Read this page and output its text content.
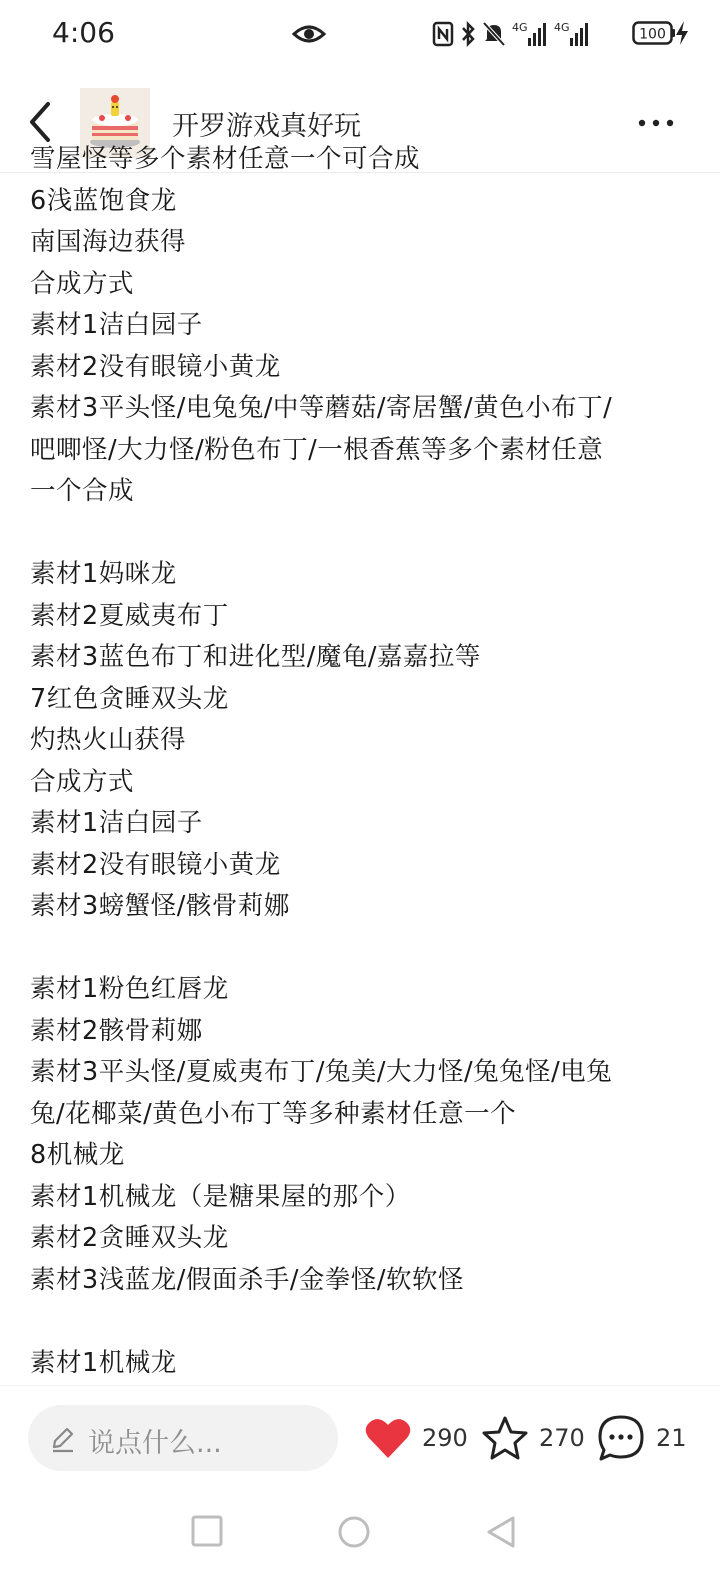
4:06	4G 4G	100
开罗游戏真好玩
雪屋怪等多个素材任意一个可合成
6浅蓝饱食龙
南国海边获得
合成方式
素材1洁白园子
素材2没有眼镜小黄龙
素材3平头怪/电兔兔/中等蘑菇/寄居蟹/黄色小布丁/
吧唧怪/大力怪/粉色布丁/一根香蕉等多个素材任意
一个合成
素材1妈咪龙
素材2夏威夷布丁
素材3蓝色布丁和进化型/魔龟/嘉嘉拉等
7红色贪睡双头龙
灼热火山获得
合成方式
素材1洁白园子
素材2没有眼镜小黄龙
素材3螃蟹怪/骸骨莉娜
素材1粉色红唇龙
素材2骸骨莉娜
素材3平头怪/夏威夷布丁/兔美/大力怪/兔兔怪/电兔
兔/花椰菜/黄色小布丁等多种素材任意一个
8机械龙
素材1机械龙（是糖果屋的那个）
素材2贪睡双头龙
素材3浅蓝龙/假面杀手/金拳怪/软软怪
素材1机械龙
说点什么...	290	270	21
